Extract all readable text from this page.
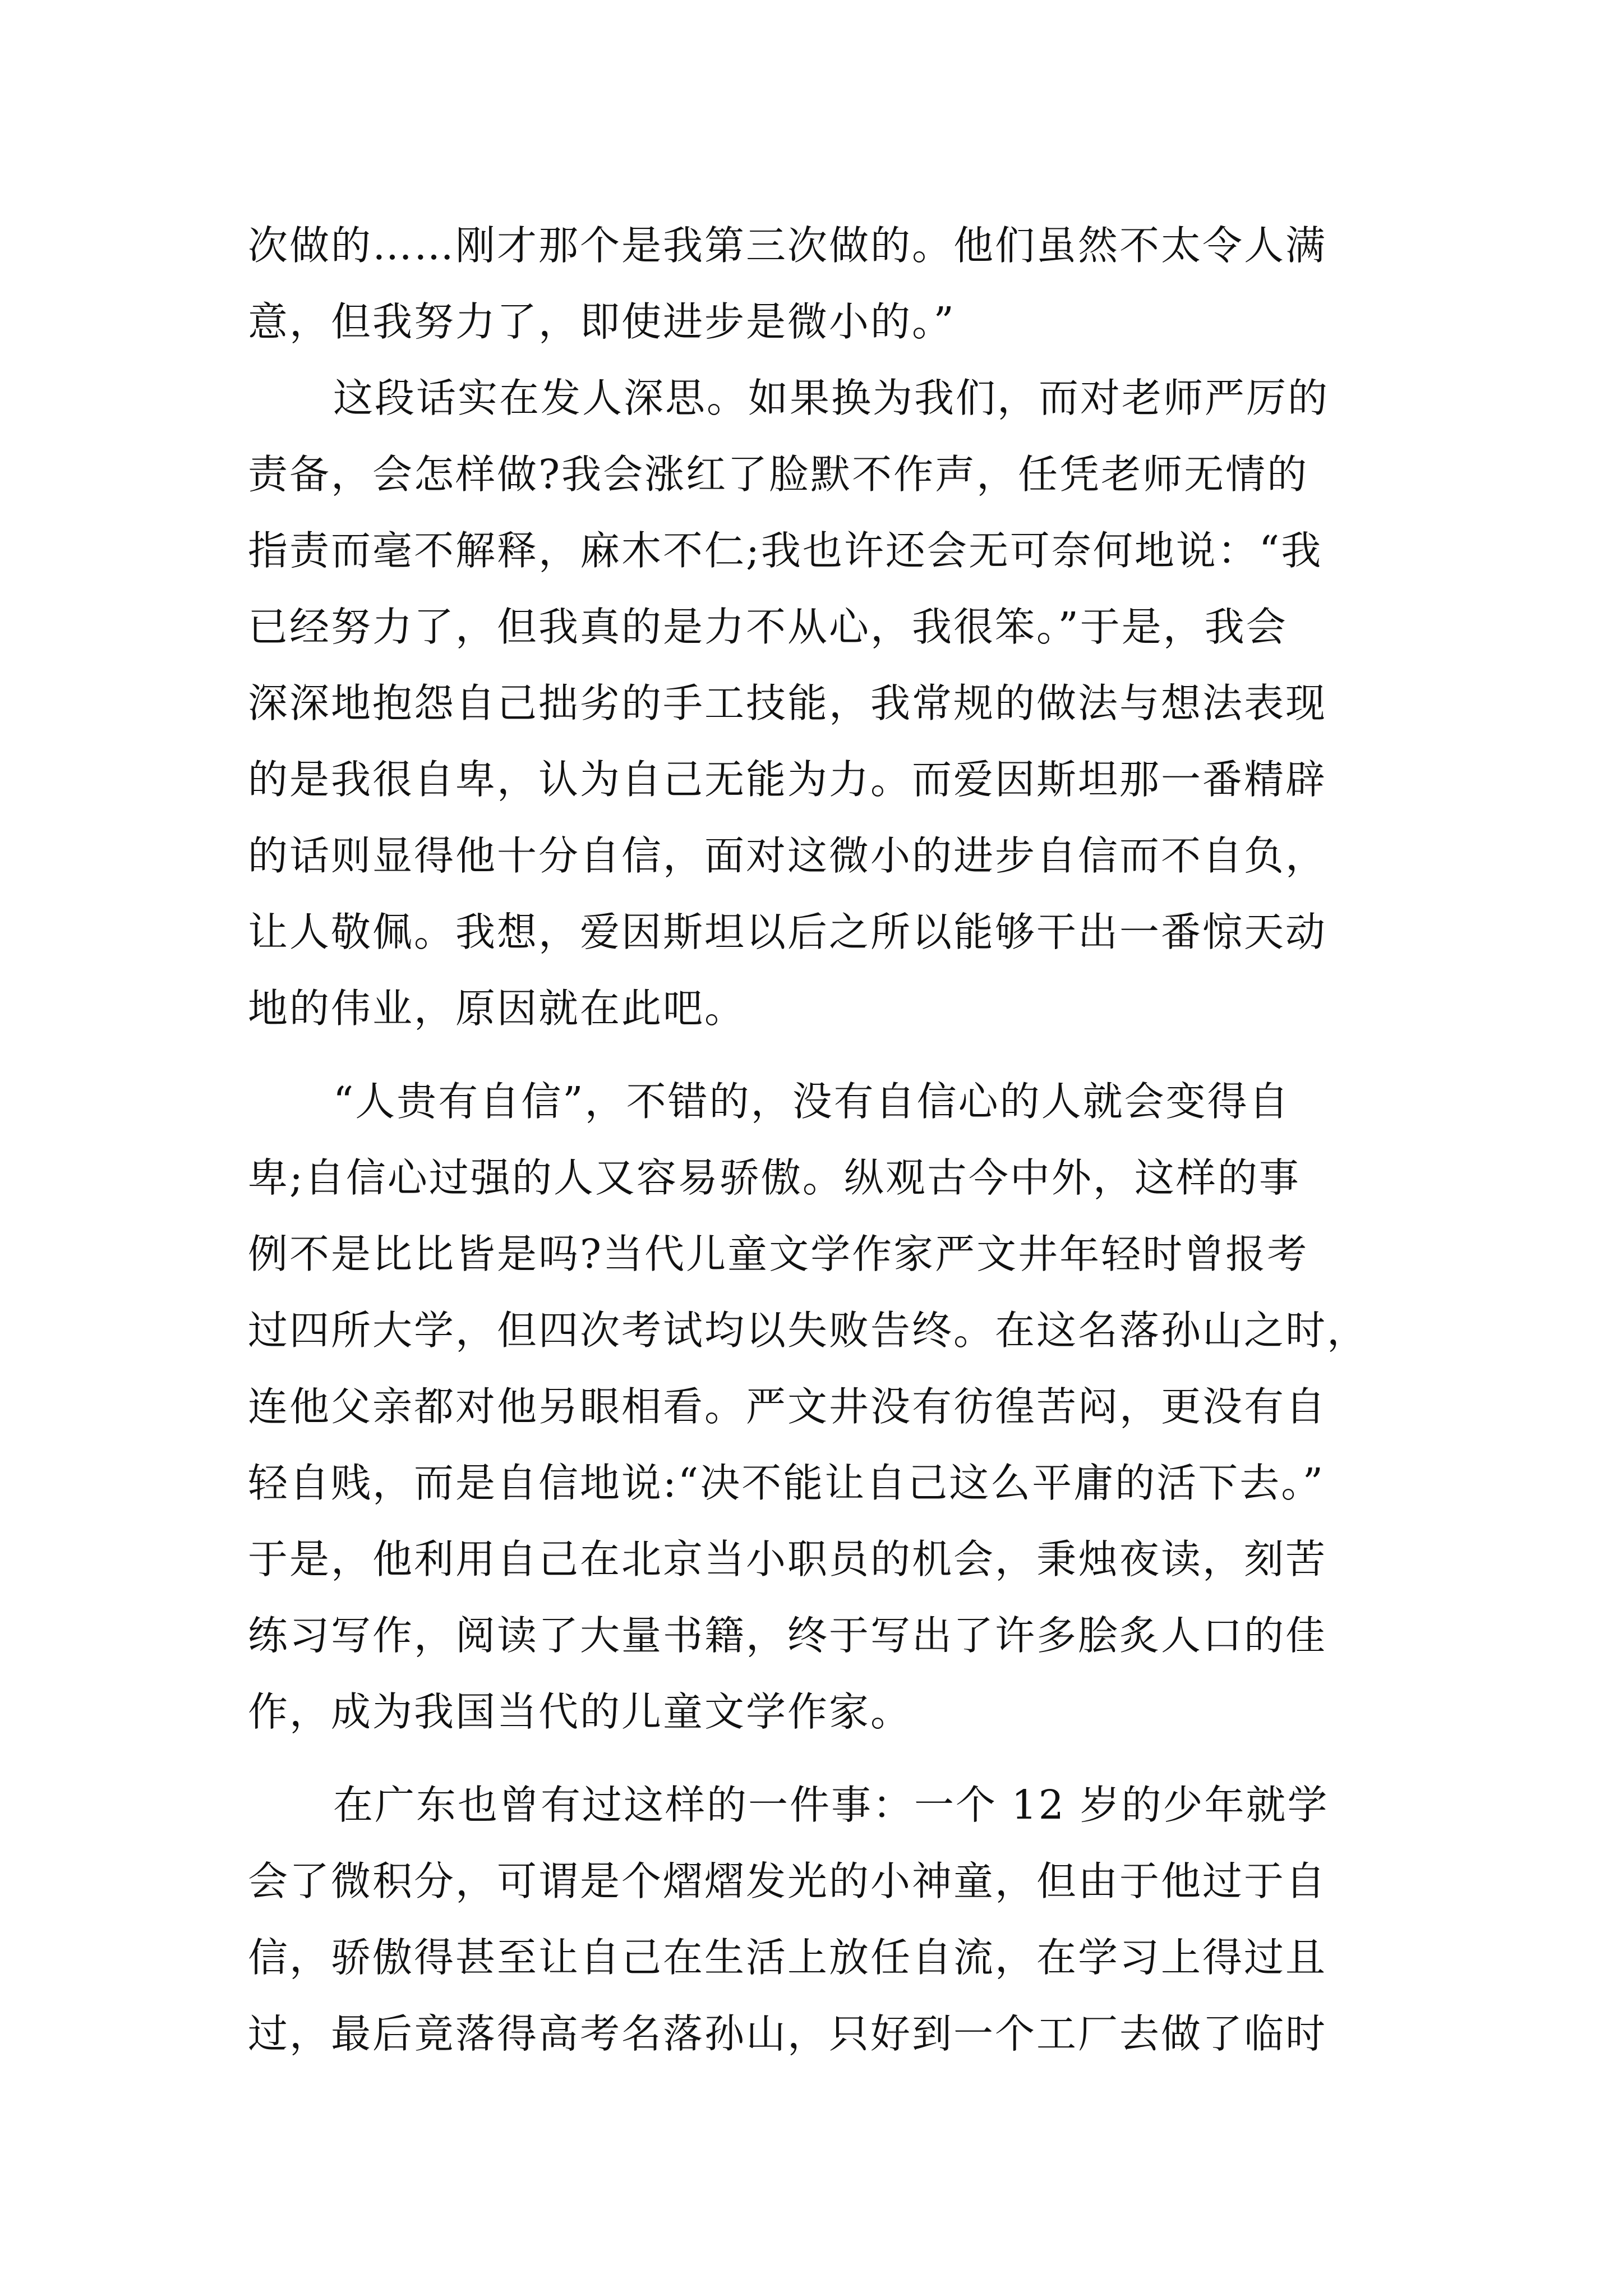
次做的……刚才那个是我第三次做的。他们虽然不太令人满
意，但我努力了，即使进步是微小的。”
这段话实在发人深思。如果换为我们，而对老师严厉的
责备，会怎样做?我会涨红了脸默不作声，任凭老师无情的
指责而毫不解释，麻木不仁;我也许还会无可奈何地说：“我
已经努力了，但我真的是力不从心，我很笨。”于是，我会
深深地抱怨自己拙劣的手工技能，我常规的做法与想法表现
的是我很自卑，认为自己无能为力。而爱因斯坦那一番精辟
的话则显得他十分自信，面对这微小的进步自信而不自负，
让人敬佩。我想，爱因斯坦以后之所以能够干出一番惊天动
地的伟业，原因就在此吧。
“人贵有自信”，不错的，没有自信心的人就会变得自
卑;自信心过强的人又容易骄傲。纵观古今中外，这样的事
例不是比比皆是吗?当代儿童文学作家严文井年轻时曾报考
过四所大学，但四次考试均以失败告终。在这名落孙山之时，
连他父亲都对他另眼相看。严文井没有彷徨苦闷，更没有自
轻自贱，而是自信地说:“决不能让自己这么平庸的活下去。”
于是，他利用自己在北京当小职员的机会，秉烛夜读，刻苦
练习写作，阅读了大量书籍，终于写出了许多脍炙人口的佳
作，成为我国当代的儿童文学作家。
在广东也曾有过这样的一件事：一个 12 岁的少年就学
会了微积分，可谓是个熠熠发光的小神童，但由于他过于自
信，骄傲得甚至让自己在生活上放任自流，在学习上得过且
过，最后竟落得高考名落孙山，只好到一个工厂去做了临时
